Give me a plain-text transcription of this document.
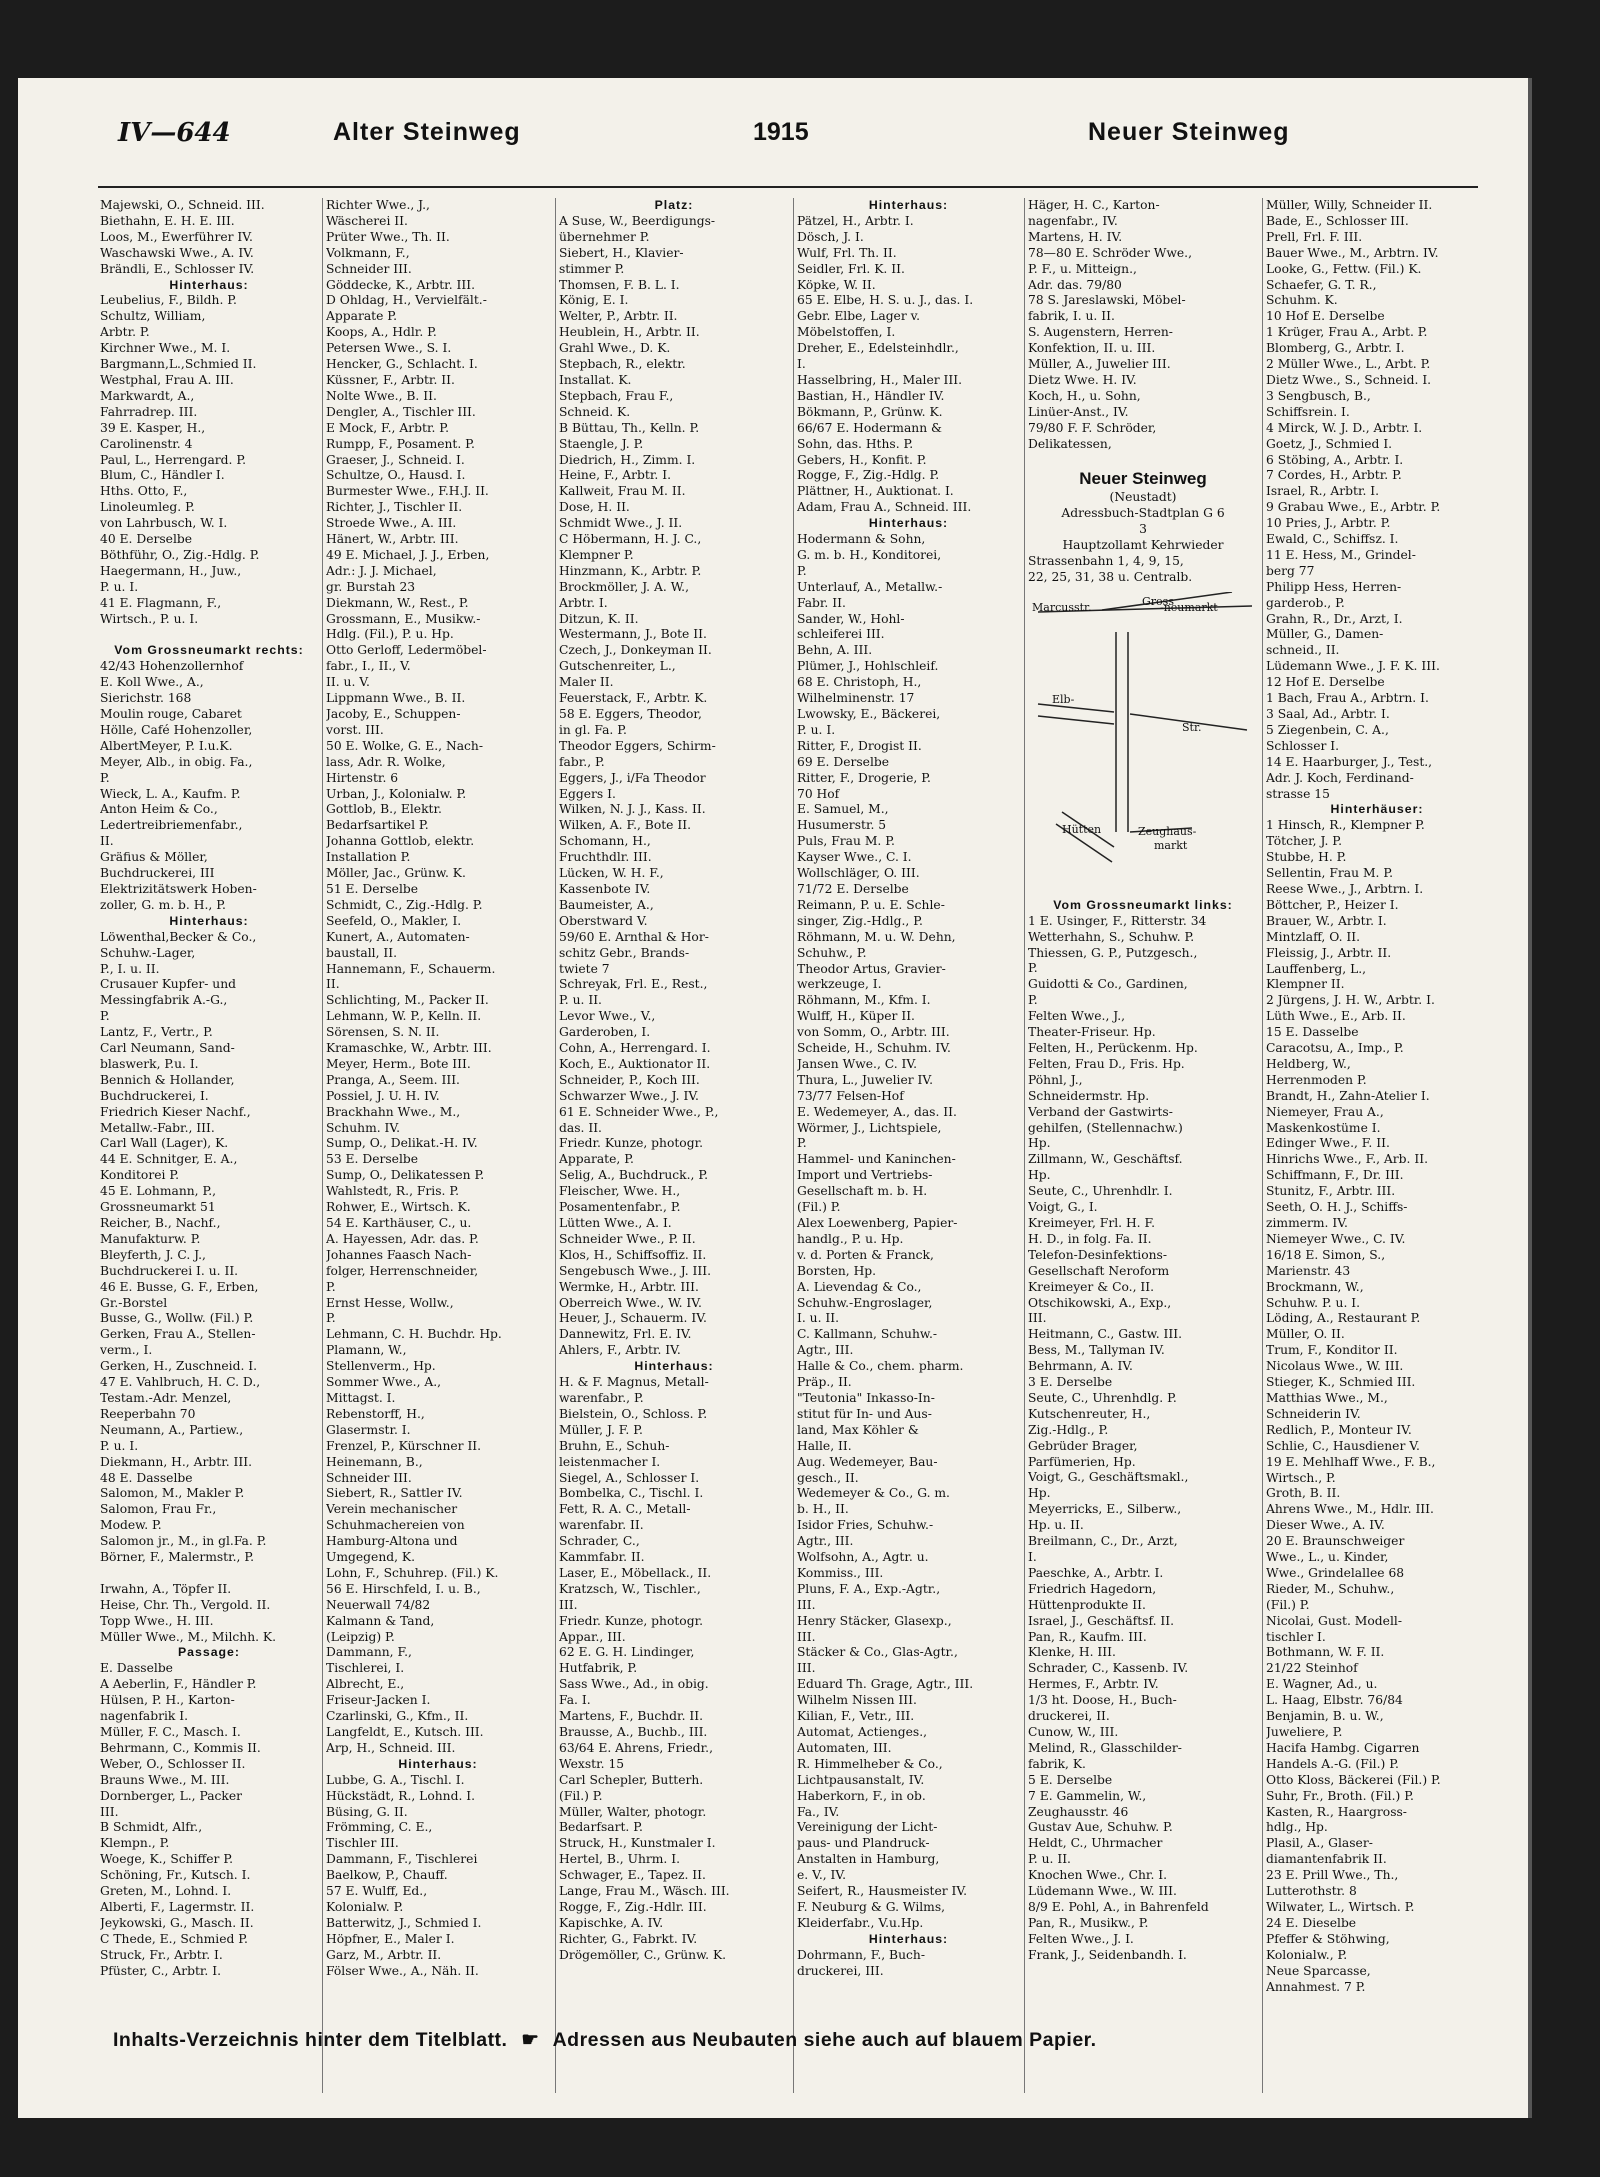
IV—644	Alter Steinweg	1915	Neuer Steinweg
Majewski, O., Schneid. III.
Biethahn, E. H. E. III.
Loos, M., Ewerführer IV.
Waschawski Wwe., A. IV.
Brändli, E., Schlosser IV.
Hinterhaus:
Leubelius, F., Bildh. P.
Schultz, William,
Arbtr. P.
Kirchner Wwe., M. I.
Bargmann,L.,Schmied II.
Westphal, Frau A. III.
Markwardt, A.,
Fahrradrep. III.
39 E. Kasper, H.,
Carolinenstr. 4
Paul, L., Herrengard. P.
Blum, C., Händler I.
Hths. Otto, F.,
Linoleumleg. P.
von Lahrbusch, W. I.
40 E. Derselbe
Böthführ, O., Zig.-Hdlg. P.
Haegermann, H., Juw.,
P. u. I.
41 E. Flagmann, F.,
Wirtsch., P. u. I.

Vom Grossneumarkt rechts:
42/43 Hohenzollernhof
E. Koll Wwe., A.,
Sierichstr. 168
Moulin rouge, Cabaret
Hölle, Café Hohenzoller,
AlbertMeyer, P. I.u.K.
Meyer, Alb., in obig. Fa.,
P.
Wieck, L. A., Kaufm. P.
Anton Heim & Co.,
Ledertreibriemenfabr.,
II.
Gräfius & Möller,
Buchdruckerei, III
Elektrizitätswerk Hoben-
zoller, G. m. b. H., P.
Hinterhaus:
Löwenthal,Becker & Co.,
Schuhw.-Lager,
P., I. u. II.
Crusauer Kupfer- und
Messingfabrik A.-G.,
P.
Lantz, F., Vertr., P.
Carl Neumann, Sand-
blaswerk, P.u. I.
Bennich & Hollander,
Buchdruckerei, I.
Friedrich Kieser Nachf.,
Metallw.-Fabr., III.
Carl Wall (Lager), K.
44 E. Schnitger, E. A.,
Konditorei P.
45 E. Lohmann, P.,
Grossneumarkt 51
Reicher, B., Nachf.,
Manufakturw. P.
Bleyferth, J. C. J.,
Buchdruckerei I. u. II.
46 E. Busse, G. F., Erben,
Gr.-Borstel
Busse, G., Wollw. (Fil.) P.
Gerken, Frau A., Stellen-
verm., I.
Gerken, H., Zuschneid. I.
47 E. Vahlbruch, H. C. D.,
Testam.-Adr. Menzel,
Reeperbahn 70
Neumann, A., Partiew.,
P. u. I.
Diekmann, H., Arbtr. III.
48 E. Dasselbe
Salomon, M., Makler P.
Salomon, Frau Fr.,
Modew. P.
Salomon jr., M., in gl.Fa. P.
Börner, F., Malermstr., P.

Irwahn, A., Töpfer II.
Heise, Chr. Th., Vergold. II.
Topp Wwe., H. III.
Müller Wwe., M., Milchh. K.
Passage:
E. Dasselbe
A Aeberlin, F., Händler P.
Hülsen, P. H., Karton-
nagenfabrik I.
Müller, F. C., Masch. I.
Behrmann, C., Kommis II.
Weber, O., Schlosser II.
Brauns Wwe., M. III.
Dornberger, L., Packer
III.
B Schmidt, Alfr.,
Klempn., P.
Woege, K., Schiffer P.
Schöning, Fr., Kutsch. I.
Greten, M., Lohnd. I.
Alberti, F., Lagermstr. II.
Jeykowski, G., Masch. II.
C Thede, E., Schmied P.
Struck, Fr., Arbtr. I.
Pfüster, C., Arbtr. I.
Richter Wwe., J.,
Wäscherei II.
Prüter Wwe., Th. II.
Volkmann, F.,
Schneider III.
Göddecke, K., Arbtr. III.
D Ohldag, H., Vervielfält.-
Apparate P.
Koops, A., Hdlr. P.
Petersen Wwe., S. I.
Hencker, G., Schlacht. I.
Küssner, F., Arbtr. II.
Nolte Wwe., B. II.
Dengler, A., Tischler III.
E Mock, F., Arbtr. P.
Rumpp, F., Posament. P.
Graeser, J., Schneid. I.
Schultze, O., Hausd. I.
Burmester Wwe., F.H.J. II.
Richter, J., Tischler II.
Stroede Wwe., A. III.
Hänert, W., Arbtr. III.
49 E. Michael, J. J., Erben,
Adr.: J. J. Michael,
gr. Burstah 23
Diekmann, W., Rest., P.
Grossmann, E., Musikw.-
Hdlg. (Fil.), P. u. Hp.
Otto Gerloff, Ledermöbel-
fabr., I., II., V.
II. u. V.
Lippmann Wwe., B. II.
Jacoby, E., Schuppen-
vorst. III.
50 E. Wolke, G. E., Nach-
lass, Adr. R. Wolke,
Hirtenstr. 6
Urban, J., Kolonialw. P.
Gottlob, B., Elektr.
Bedarfsartikel P.
Johanna Gottlob, elektr.
Installation P.
Möller, Jac., Grünw. K.
51 E. Derselbe
Schmidt, C., Zig.-Hdlg. P.
Seefeld, O., Makler, I.
Kunert, A., Automaten-
baustall, II.
Hannemann, F., Schauerm.
II.
Schlichting, M., Packer II.
Lehmann, W. P., Kelln. II.
Sörensen, S. N. II.
Kramaschke, W., Arbtr. III.
Meyer, Herm., Bote III.
Pranga, A., Seem. III.
Possiel, J. U. H. IV.
Brackhahn Wwe., M.,
Schuhm. IV.
Sump, O., Delikat.-H. IV.
53 E. Derselbe
Sump, O., Delikatessen P.
Wahlstedt, R., Fris. P.
Rohwer, E., Wirtsch. K.
54 E. Karthäuser, C., u.
A. Hayessen, Adr. das. P.
Johannes Faasch Nach-
folger, Herrenschneider,
P.
Ernst Hesse, Wollw.,
P.
Lehmann, C. H. Buchdr. Hp.
Plamann, W.,
Stellenverm., Hp.
Sommer Wwe., A.,
Mittagst. I.
Rebenstorff, H.,
Glasermstr. I.
Frenzel, P., Kürschner II.
Heinemann, B.,
Schneider III.
Siebert, R., Sattler IV.
Verein mechanischer
Schuhmachereien von
Hamburg-Altona und
Umgegend, K.
Lohn, F., Schuhrep. (Fil.) K.
56 E. Hirschfeld, I. u. B.,
Neuerwall 74/82
Kalmann & Tand,
(Leipzig) P.
Dammann, F.,
Tischlerei, I.
Albrecht, E.,
Friseur-Jacken I.
Czarlinski, G., Kfm., II.
Langfeldt, E., Kutsch. III.
Arp, H., Schneid. III.
Hinterhaus:
Lubbe, G. A., Tischl. I.
Hückstädt, R., Lohnd. I.
Büsing, G. II.
Frömming, C. E.,
Tischler III.
Dammann, F., Tischlerei
Baelkow, P., Chauff.
57 E. Wulff, Ed.,
Kolonialw. P.
Batterwitz, J., Schmied I.
Höpfner, E., Maler I.
Garz, M., Arbtr. II.
Fölser Wwe., A., Näh. II.
Platz:
A Suse, W., Beerdigungs-
übernehmer P.
Siebert, H., Klavier-
stimmer P.
Thomsen, F. B. L. I.
König, E. I.
Welter, P., Arbtr. II.
Heublein, H., Arbtr. II.
Grahl Wwe., D. K.
Stepbach, R., elektr.
Installat. K.
Stepbach, Frau F.,
Schneid. K.
B Büttau, Th., Kelln. P.
Staengle, J. P.
Diedrich, H., Zimm. I.
Heine, F., Arbtr. I.
Kallweit, Frau M. II.
Dose, H. II.
Schmidt Wwe., J. II.
C Höbermann, H. J. C.,
Klempner P.
Hinzmann, K., Arbtr. P.
Brockmöller, J. A. W.,
Arbtr. I.
Ditzun, K. II.
Westermann, J., Bote II.
Czech, J., Donkeyman II.
Gutschenreiter, L.,
Maler II.
Feuerstack, F., Arbtr. K.
58 E. Eggers, Theodor,
in gl. Fa. P.
Theodor Eggers, Schirm-
fabr., P.
Eggers, J., i/Fa Theodor
Eggers I.
Wilken, N. J. J., Kass. II.
Wilken, A. F., Bote II.
Schomann, H.,
Fruchthdlr. III.
Lücken, W. H. F.,
Kassenbote IV.
Baumeister, A.,
Oberstward V.
59/60 E. Arnthal & Hor-
schitz Gebr., Brands-
twiete 7
Schreyak, Frl. E., Rest.,
P. u. II.
Levor Wwe., V.,
Garderoben, I.
Cohn, A., Herrengard. I.
Koch, E., Auktionator II.
Schneider, P., Koch III.
Schwarzer Wwe., J. IV.
61 E. Schneider Wwe., P.,
das. II.
Friedr. Kunze, photogr.
Apparate, P.
Selig, A., Buchdruck., P.
Fleischer, Wwe. H.,
Posamentenfabr., P.
Lütten Wwe., A. I.
Schneider Wwe., P. II.
Klos, H., Schiffsoffiz. II.
Sengebusch Wwe., J. III.
Wermke, H., Arbtr. III.
Oberreich Wwe., W. IV.
Heuer, J., Schauerm. IV.
Dannewitz, Frl. E. IV.
Ahlers, F., Arbtr. IV.
Hinterhaus:
H. & F. Magnus, Metall-
warenfabr., P.
Bielstein, O., Schloss. P.
Müller, J. F. P.
Bruhn, E., Schuh-
leistenmacher I.
Siegel, A., Schlosser I.
Bombelka, C., Tischl. I.
Fett, R. A. C., Metall-
warenfabr. II.
Schrader, C.,
Kammfabr. II.
Laser, E., Möbellack., II.
Kratzsch, W., Tischler.,
III.
Friedr. Kunze, photogr.
Appar., III.
62 E. G. H. Lindinger,
Hutfabrik, P.
Sass Wwe., Ad., in obig.
Fa. I.
Martens, F., Buchdr. II.
Brausse, A., Buchb., III.
63/64 E. Ahrens, Friedr.,
Wexstr. 15
Carl Schepler, Butterh.
(Fil.) P.
Müller, Walter, photogr.
Bedarfsart. P.
Struck, H., Kunstmaler I.
Hertel, B., Uhrm. I.
Schwager, E., Tapez. II.
Lange, Frau M., Wäsch. III.
Rogge, F., Zig.-Hdlr. III.
Kapischke, A. IV.
Richter, G., Fabrkt. IV.
Drögemöller, C., Grünw. K.
Hinterhaus:
Pätzel, H., Arbtr. I.
Dösch, J. I.
Wulf, Frl. Th. II.
Seidler, Frl. K. II.
Köpke, W. II.
65 E. Elbe, H. S. u. J., das. I.
Gebr. Elbe, Lager v.
Möbelstoffen, I.
Dreher, E., Edelsteinhdlr.,
I.
Hasselbring, H., Maler III.
Bastian, H., Händler IV.
Bökmann, P., Grünw. K.
66/67 E. Hodermann &
Sohn, das. Hths. P.
Gebers, H., Konfit. P.
Rogge, F., Zig.-Hdlg. P.
Plättner, H., Auktionat. I.
Adam, Frau A., Schneid. III.
Hinterhaus:
Hodermann & Sohn,
G. m. b. H., Konditorei,
P.
Unterlauf, A., Metallw.-
Fabr. II.
Sander, W., Hohl-
schleiferei III.
Behn, A. III.
Plümer, J., Hohlschleif.
68 E. Christoph, H.,
Wilhelminenstr. 17
Lwowsky, E., Bäckerei,
P. u. I.
Ritter, F., Drogist II.
69 E. Derselbe
Ritter, F., Drogerie, P.
70 Hof
E. Samuel, M.,
Husumerstr. 5
Puls, Frau M. P.
Kayser Wwe., C. I.
Wollschläger, O. III.
71/72 E. Derselbe
Reimann, P. u. E. Schle-
singer, Zig.-Hdlg., P.
Röhmann, M. u. W. Dehn,
Schuhw., P.
Theodor Artus, Gravier-
werkzeuge, I.
Röhmann, M., Kfm. I.
Wulff, H., Küper II.
von Somm, O., Arbtr. III.
Scheide, H., Schuhm. IV.
Jansen Wwe., C. IV.
Thura, L., Juwelier IV.
73/77 Felsen-Hof
E. Wedemeyer, A., das. II.
Wörmer, J., Lichtspiele,
P.
Hammel- und Kaninchen-
Import und Vertriebs-
Gesellschaft m. b. H.
(Fil.) P.
Alex Loewenberg, Papier-
handlg., P. u. Hp.
v. d. Porten & Franck,
Borsten, Hp.
A. Lievendag & Co.,
Schuhw.-Engroslager,
I. u. II.
C. Kallmann, Schuhw.-
Agtr., III.
Halle & Co., chem. pharm.
Präp., II.
"Teutonia" Inkasso-In-
stitut für In- und Aus-
land, Max Köhler &
Halle, II.
Aug. Wedemeyer, Bau-
gesch., II.
Wedemeyer & Co., G. m.
b. H., II.
Isidor Fries, Schuhw.-
Agtr., III.
Wolfsohn, A., Agtr. u.
Kommiss., III.
Pluns, F. A., Exp.-Agtr.,
III.
Henry Stäcker, Glasexp.,
III.
Stäcker & Co., Glas-Agtr.,
III.
Eduard Th. Grage, Agtr., III.
Wilhelm Nissen III.
Kilian, F., Vetr., III.
Automat, Actienges.,
Automaten, III.
R. Himmelheber & Co.,
Lichtpausanstalt, IV.
Haberkorn, F., in ob.
Fa., IV.
Vereinigung der Licht-
paus- und Plandruck-
Anstalten in Hamburg,
e. V., IV.
Seifert, R., Hausmeister IV.
F. Neuburg & G. Wilms,
Kleiderfabr., V.u.Hp.
Hinterhaus:
Dohrmann, F., Buch-
druckerei, III.
Häger, H. C., Karton-
nagenfabr., IV.
Martens, H. IV.
78—80 E. Schröder Wwe.,
P. F., u. Mitteign.,
Adr. das. 79/80
78 S. Jareslawski, Möbel-
fabrik, I. u. II.
S. Augenstern, Herren-
Konfektion, II. u. III.
Müller, A., Juwelier III.
Dietz Wwe. H. IV.
Koch, H., u. Sohn,
Linüer-Anst., IV.
79/80 F. F. Schröder,
Delikatessen,

Neuer Steinweg
(Neustadt)
Adressbuch-Stadtplan G 6
3
Hauptzollamt Kehrwieder
Strassenbahn 1, 4, 9, 15,
22, 25, 31, 38 u. Centralb.
Marcusstr.	Gross
-neumarkt
Elb-
Str.
Hütten	Zeughaus-
markt
Vom Grossneumarkt links:
1 E. Usinger, F., Ritterstr. 34
Wetterhahn, S., Schuhw. P.
Thiessen, G. P., Putzgesch.,
P.
Guidotti & Co., Gardinen,
P.
Felten Wwe., J.,
Theater-Friseur. Hp.
Felten, H., Perückenm. Hp.
Felten, Frau D., Fris. Hp.
Pöhnl, J.,
Schneidermstr. Hp.
Verband der Gastwirts-
gehilfen, (Stellennachw.)
Hp.
Zillmann, W., Geschäftsf.
Hp.
Seute, C., Uhrenhdlr. I.
Voigt, G., I.
Kreimeyer, Frl. H. F.
H. D., in folg. Fa. II.
Telefon-Desinfektions-
Gesellschaft Neroform
Kreimeyer & Co., II.
Otschikowski, A., Exp.,
III.
Heitmann, C., Gastw. III.
Bess, M., Tallyman IV.
Behrmann, A. IV.
3 E. Derselbe
Seute, C., Uhrenhdlg. P.
Kutschenreuter, H.,
Zig.-Hdlg., P.
Gebrüder Brager,
Parfümerien, Hp.
Voigt, G., Geschäftsmakl.,
Hp.
Meyerricks, E., Silberw.,
Hp. u. II.
Breilmann, C., Dr., Arzt,
I.
Paeschke, A., Arbtr. I.
Friedrich Hagedorn,
Hüttenprodukte II.
Israel, J., Geschäftsf. II.
Pan, R., Kaufm. III.
Klenke, H. III.
Schrader, C., Kassenb. IV.
Hermes, F., Arbtr. IV.
1/3 ht. Doose, H., Buch-
druckerei, II.
Cunow, W., III.
Melind, R., Glasschilder-
fabrik, K.
5 E. Derselbe
7 E. Gammelin, W.,
Zeughausstr. 46
Gustav Aue, Schuhw. P.
Heldt, C., Uhrmacher
P. u. II.
Knochen Wwe., Chr. I.
Lüdemann Wwe., W. III.
8/9 E. Pohl, A., in Bahrenfeld
Pan, R., Musikw., P.
Felten Wwe., J. I.
Frank, J., Seidenbandh. I.
Müller, Willy, Schneider II.
Bade, E., Schlosser III.
Prell, Frl. F. III.
Bauer Wwe., M., Arbtrn. IV.
Looke, G., Fettw. (Fil.) K.
Schaefer, G. T. R.,
Schuhm. K.
10 Hof E. Derselbe
1 Krüger, Frau A., Arbt. P.
Blomberg, G., Arbtr. I.
2 Müller Wwe., L., Arbt. P.
Dietz Wwe., S., Schneid. I.
3 Sengbusch, B.,
Schiffsrein. I.
4 Mirck, W. J. D., Arbtr. I.
Goetz, J., Schmied I.
6 Stöbing, A., Arbtr. I.
7 Cordes, H., Arbtr. P.
Israel, R., Arbtr. I.
9 Grabau Wwe., E., Arbtr. P.
10 Pries, J., Arbtr. P.
Ewald, C., Schiffsz. I.
11 E. Hess, M., Grindel-
berg 77
Philipp Hess, Herren-
garderob., P.
Grahn, R., Dr., Arzt, I.
Müller, G., Damen-
schneid., II.
Lüdemann Wwe., J. F. K. III.
12 Hof E. Derselbe
1 Bach, Frau A., Arbtrn. I.
3 Saal, Ad., Arbtr. I.
5 Ziegenbein, C. A.,
Schlosser I.
14 E. Haarburger, J., Test.,
Adr. J. Koch, Ferdinand-
strasse 15
Hinterhäuser:
1 Hinsch, R., Klempner P.
Tötcher, J. P.
Stubbe, H. P.
Sellentin, Frau M. P.
Reese Wwe., J., Arbtrn. I.
Böttcher, P., Heizer I.
Brauer, W., Arbtr. I.
Mintzlaff, O. II.
Fleissig, J., Arbtr. II.
Lauffenberg, L.,
Klempner II.
2 Jürgens, J. H. W., Arbtr. I.
Lüth Wwe., E., Arb. II.
15 E. Dasselbe
Caracotsu, A., Imp., P.
Heldberg, W.,
Herrenmoden P.
Brandt, H., Zahn-Atelier I.
Niemeyer, Frau A.,
Maskenkostüme I.
Edinger Wwe., F. II.
Hinrichs Wwe., F., Arb. II.
Schiffmann, F., Dr. III.
Stunitz, F., Arbtr. III.
Seeth, O. H. J., Schiffs-
zimmerm. IV.
Niemeyer Wwe., C. IV.
16/18 E. Simon, S.,
Marienstr. 43
Brockmann, W.,
Schuhw. P. u. I.
Löding, A., Restaurant P.
Müller, O. II.
Trum, F., Konditor II.
Nicolaus Wwe., W. III.
Stieger, K., Schmied III.
Matthias Wwe., M.,
Schneiderin IV.
Redlich, P., Monteur IV.
Schlie, C., Hausdiener V.
19 E. Mehlhaff Wwe., F. B.,
Wirtsch., P.
Groth, B. II.
Ahrens Wwe., M., Hdlr. III.
Dieser Wwe., A. IV.
20 E. Braunschweiger
Wwe., L., u. Kinder,
Wwe., Grindelallee 68
Rieder, M., Schuhw.,
(Fil.) P.
Nicolai, Gust. Modell-
tischler I.
Bothmann, W. F. II.
21/22 Steinhof
E. Wagner, Ad., u.
L. Haag, Elbstr. 76/84
Benjamin, B. u. W.,
Juweliere, P.
Hacifa Hambg. Cigarren
Handels A.-G. (Fil.) P.
Otto Kloss, Bäckerei (Fil.) P.
Suhr, Fr., Broth. (Fil.) P.
Kasten, R., Haargross-
hdlg., Hp.
Plasil, A., Glaser-
diamantenfabrik II.
23 E. Prill Wwe., Th.,
Lutterothstr. 8
Wilwater, L., Wirtsch. P.
24 E. Dieselbe
Pfeffer & Stöhwing,
Kolonialw., P.
Neue Sparcasse,
Annahmest. 7 P.
Inhalts-Verzeichnis hinter dem Titelblatt. ☛ Adressen aus Neubauten siehe auch auf blauem Papier.
